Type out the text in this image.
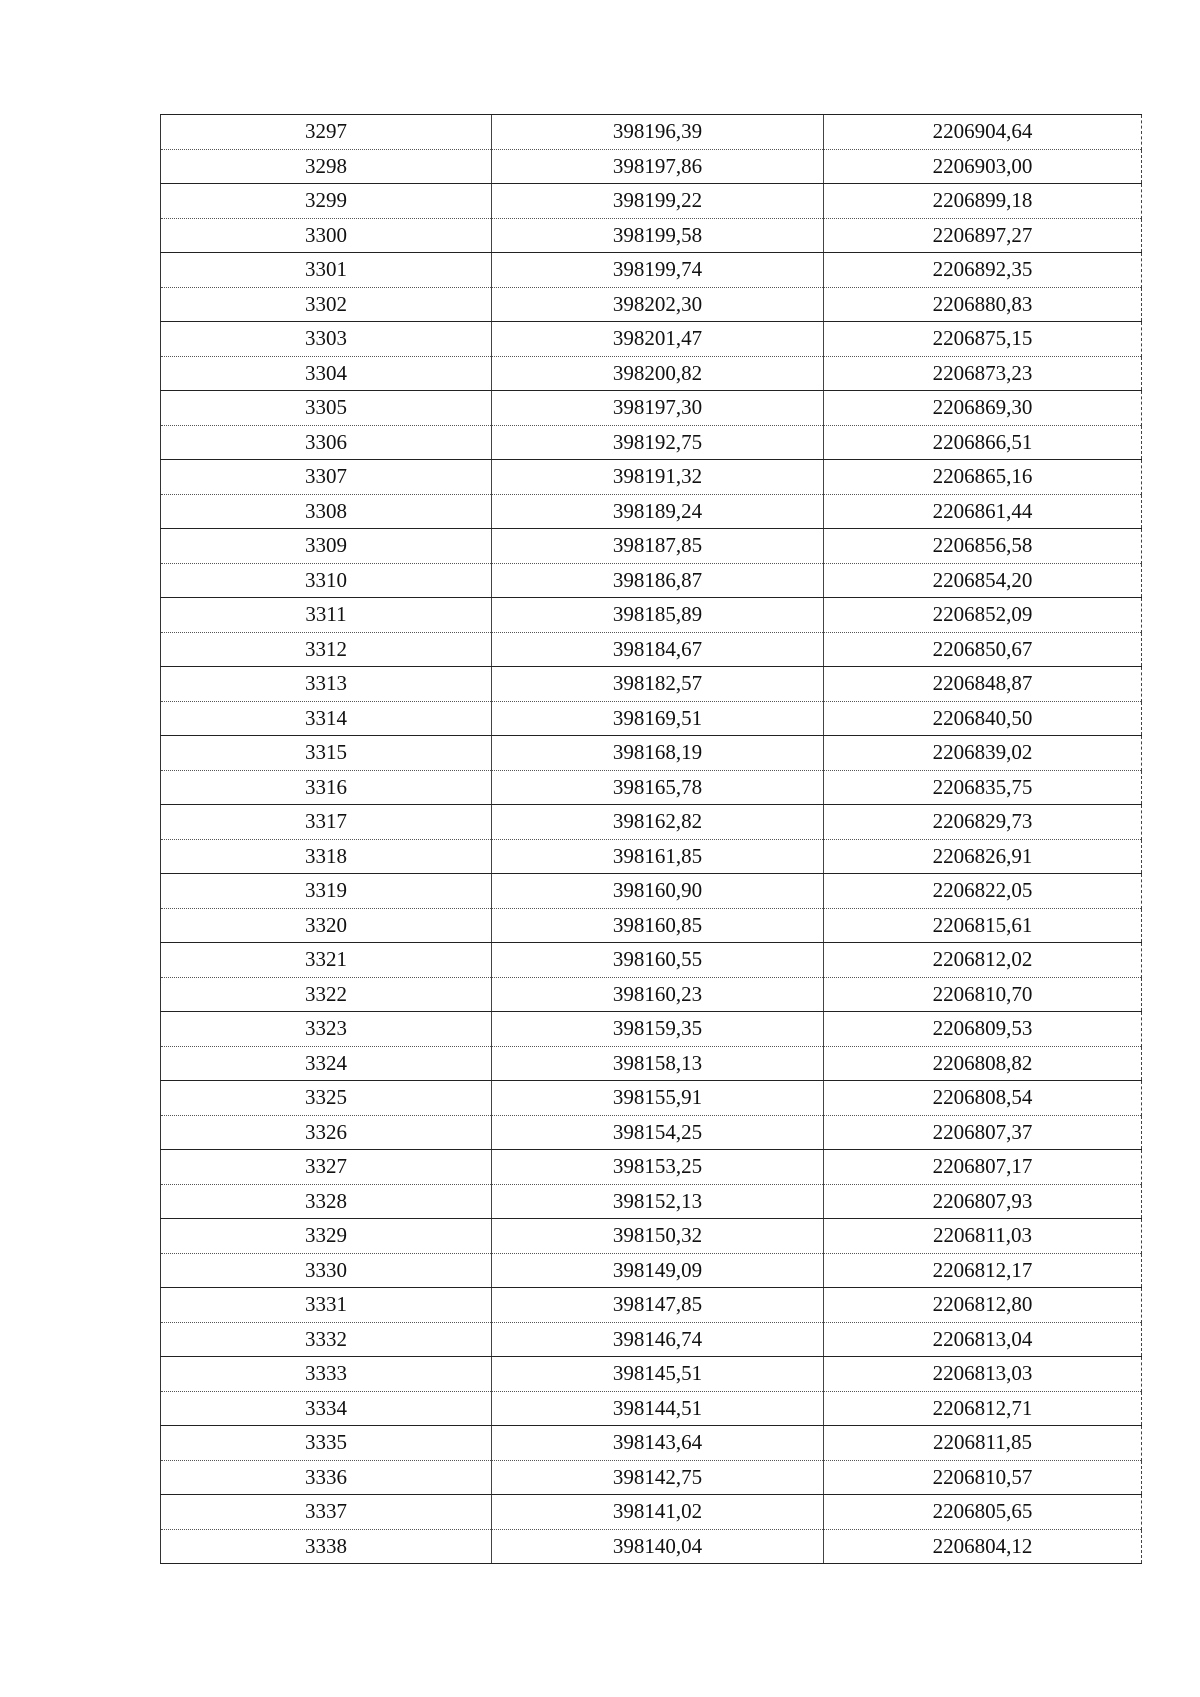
3297	398196,39	2206904,64
3298	398197,86	2206903,00
3299	398199,22	2206899,18
3300	398199,58	2206897,27
3301	398199,74	2206892,35
3302	398202,30	2206880,83
3303	398201,47	2206875,15
3304	398200,82	2206873,23
3305	398197,30	2206869,30
3306	398192,75	2206866,51
3307	398191,32	2206865,16
3308	398189,24	2206861,44
3309	398187,85	2206856,58
3310	398186,87	2206854,20
3311	398185,89	2206852,09
3312	398184,67	2206850,67
3313	398182,57	2206848,87
3314	398169,51	2206840,50
3315	398168,19	2206839,02
3316	398165,78	2206835,75
3317	398162,82	2206829,73
3318	398161,85	2206826,91
3319	398160,90	2206822,05
3320	398160,85	2206815,61
3321	398160,55	2206812,02
3322	398160,23	2206810,70
3323	398159,35	2206809,53
3324	398158,13	2206808,82
3325	398155,91	2206808,54
3326	398154,25	2206807,37
3327	398153,25	2206807,17
3328	398152,13	2206807,93
3329	398150,32	2206811,03
3330	398149,09	2206812,17
3331	398147,85	2206812,80
3332	398146,74	2206813,04
3333	398145,51	2206813,03
3334	398144,51	2206812,71
3335	398143,64	2206811,85
3336	398142,75	2206810,57
3337	398141,02	2206805,65
3338	398140,04	2206804,12
